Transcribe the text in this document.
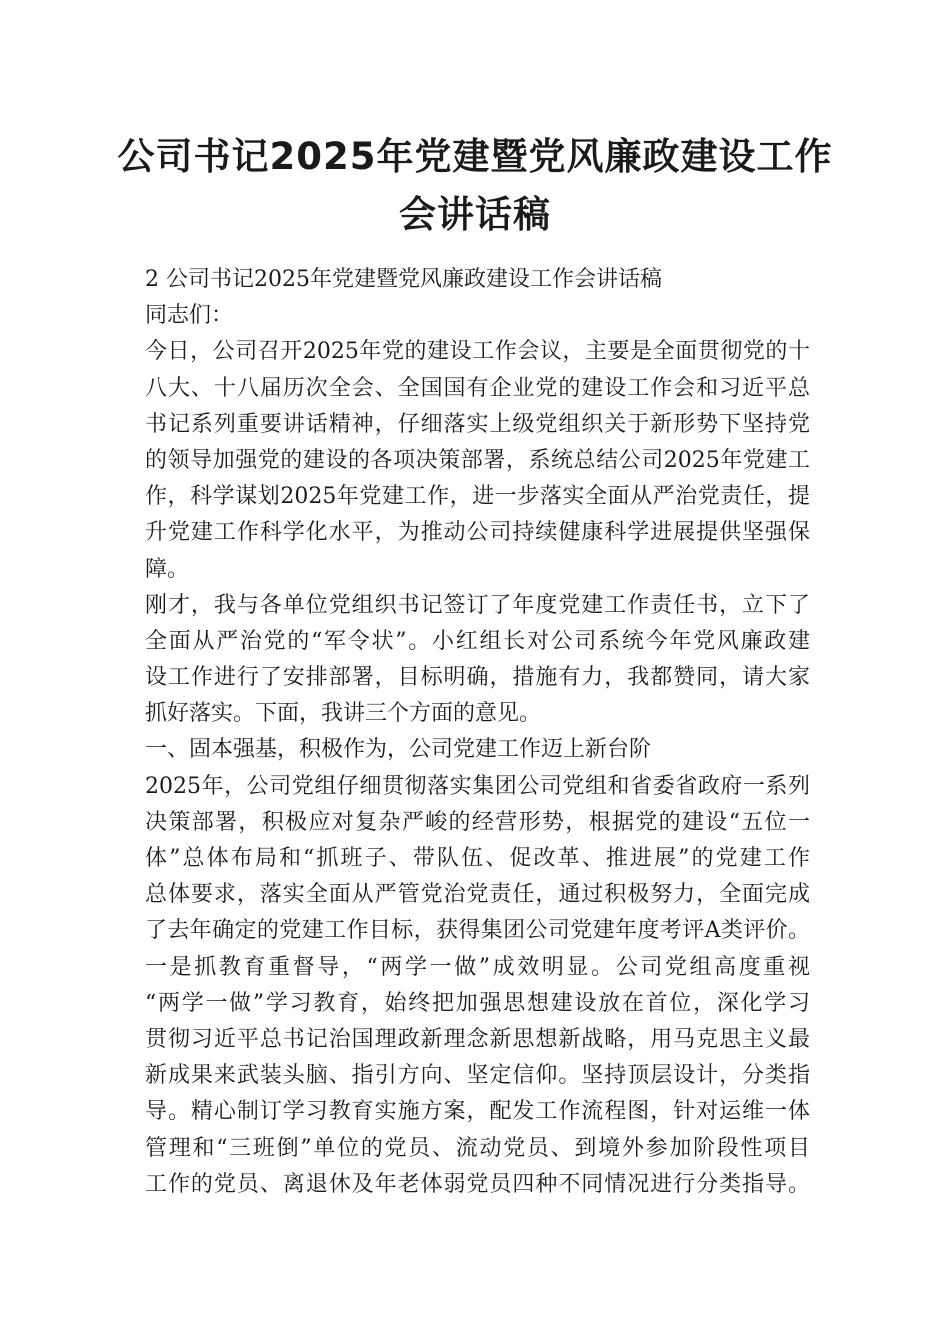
公司书记2025年党建暨党风廉政建设工作
会讲话稿
2 公司书记2025年党建暨党风廉政建设工作会讲话稿
同志们：
今日，公司召开2025年党的建设工作会议，主要是全面贯彻党的十
八大、十八届历次全会、全国国有企业党的建设工作会和习近平总
书记系列重要讲话精神，仔细落实上级党组织关于新形势下坚持党
的领导加强党的建设的各项决策部署，系统总结公司2025年党建工
作，科学谋划2025年党建工作，进一步落实全面从严治党责任，提
升党建工作科学化水平，为推动公司持续健康科学进展提供坚强保
障。
刚才，我与各单位党组织书记签订了年度党建工作责任书，立下了
全面从严治党的“军令状”。小红组长对公司系统今年党风廉政建
设工作进行了安排部署，目标明确，措施有力，我都赞同，请大家
抓好落实。下面，我讲三个方面的意见。
一、固本强基，积极作为，公司党建工作迈上新台阶
2025年，公司党组仔细贯彻落实集团公司党组和省委省政府一系列
决策部署，积极应对复杂严峻的经营形势，根据党的建设“五位一
体”总体布局和“抓班子、带队伍、促改革、推进展”的党建工作
总体要求，落实全面从严管党治党责任，通过积极努力，全面完成
了去年确定的党建工作目标，获得集团公司党建年度考评A类评价。
一是抓教育重督导，“两学一做”成效明显。公司党组高度重视
“两学一做”学习教育，始终把加强思想建设放在首位，深化学习
贯彻习近平总书记治国理政新理念新思想新战略，用马克思主义最
新成果来武装头脑、指引方向、坚定信仰。坚持顶层设计，分类指
导。精心制订学习教育实施方案，配发工作流程图，针对运维一体
管理和“三班倒”单位的党员、流动党员、到境外参加阶段性项目
工作的党员、离退休及年老体弱党员四种不同情况进行分类指导。
